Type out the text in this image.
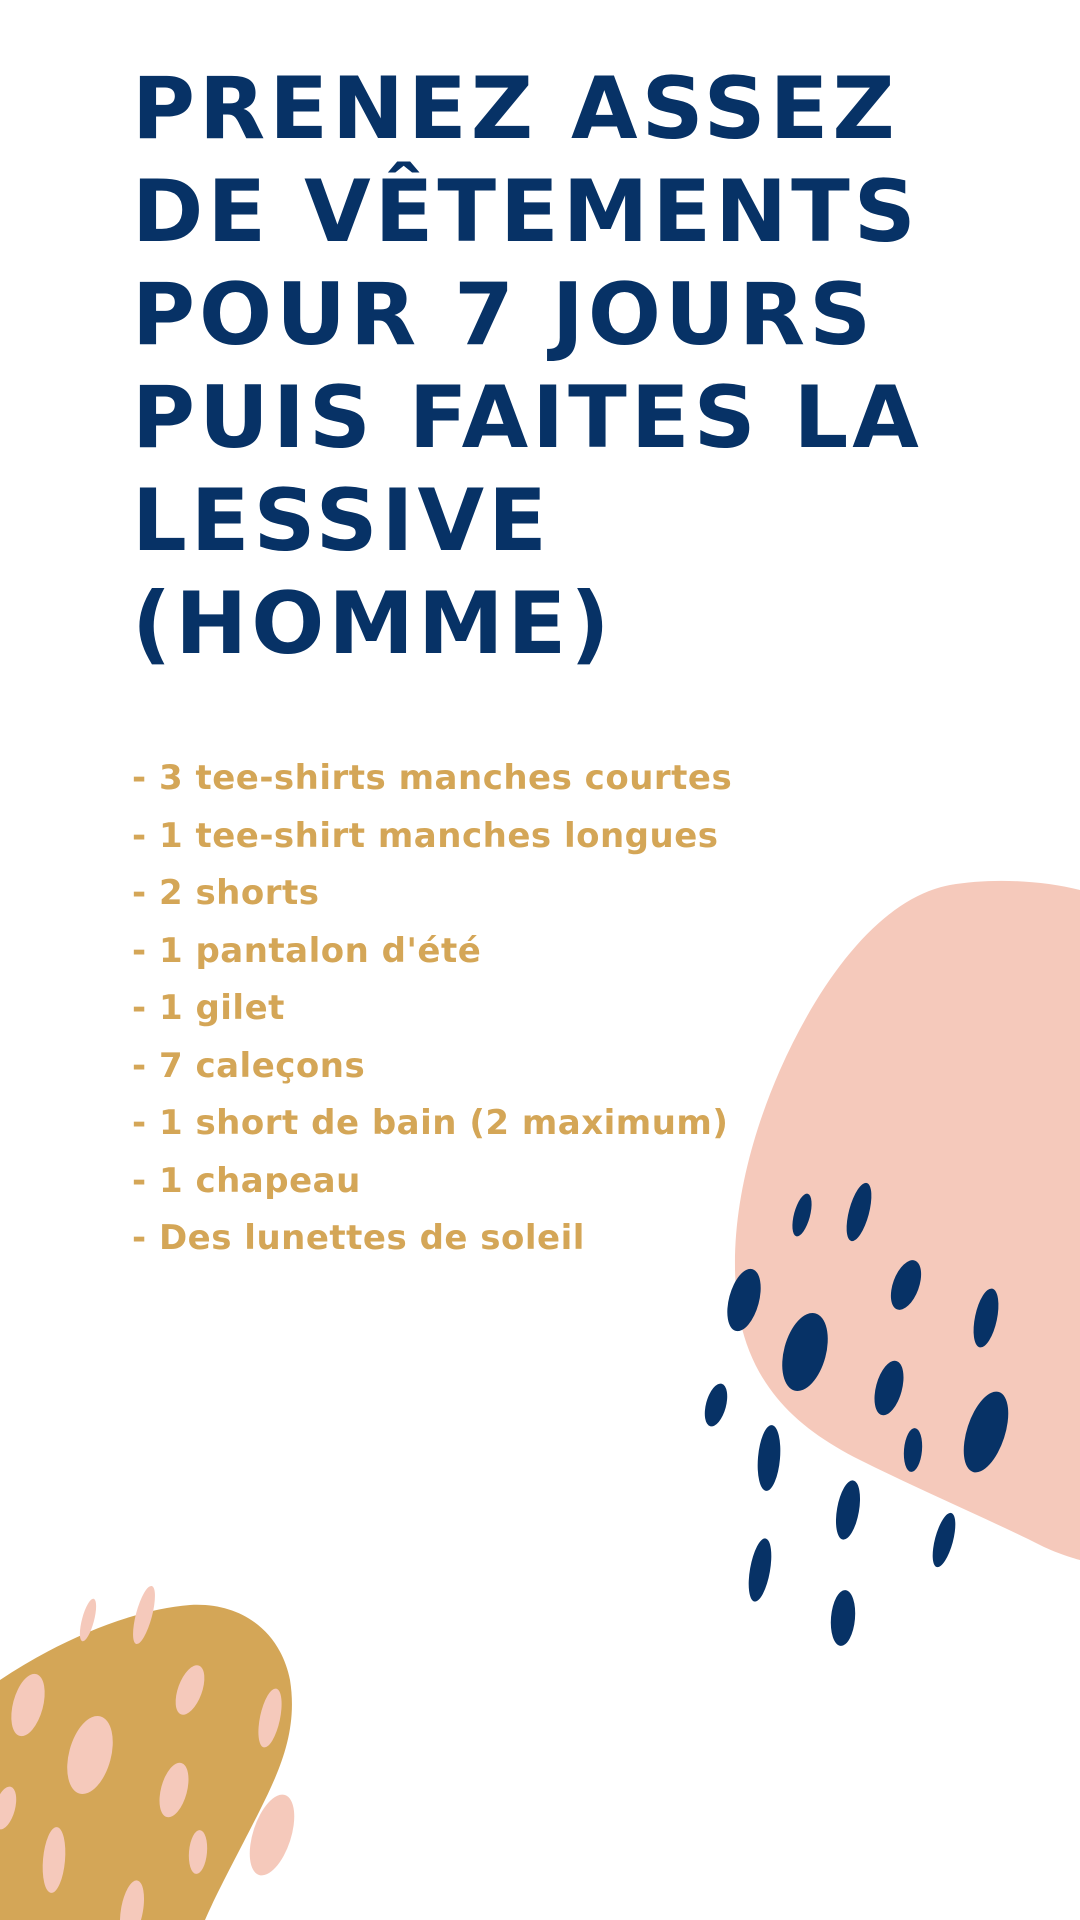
PRENEZ ASSEZ
DE VÊTEMENTS
POUR 7 JOURS
PUIS FAITES LA
LESSIVE
(HOMME)
- 3 tee-shirts manches courtes
- 1 tee-shirt manches longues
- 2 shorts
- 1 pantalon d'été
- 1 gilet
- 7 caleçons
- 1 short de bain (2 maximum)
- 1 chapeau
- Des lunettes de soleil
